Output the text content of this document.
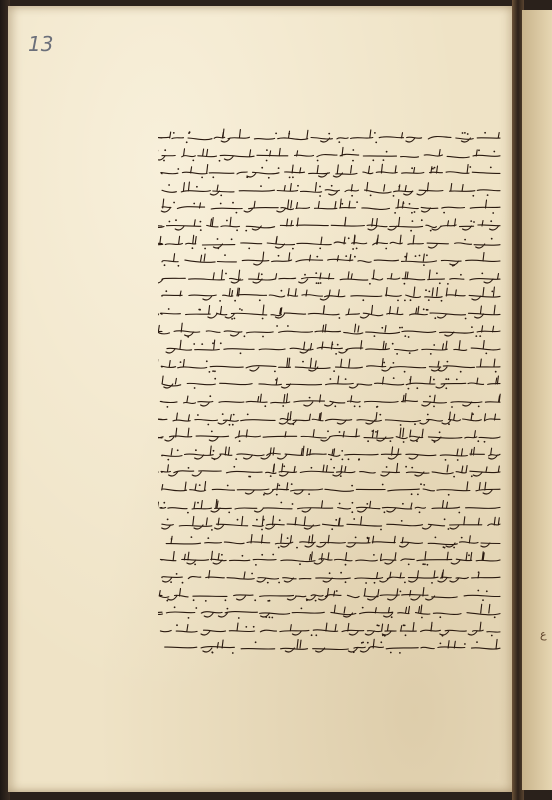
ع
13
